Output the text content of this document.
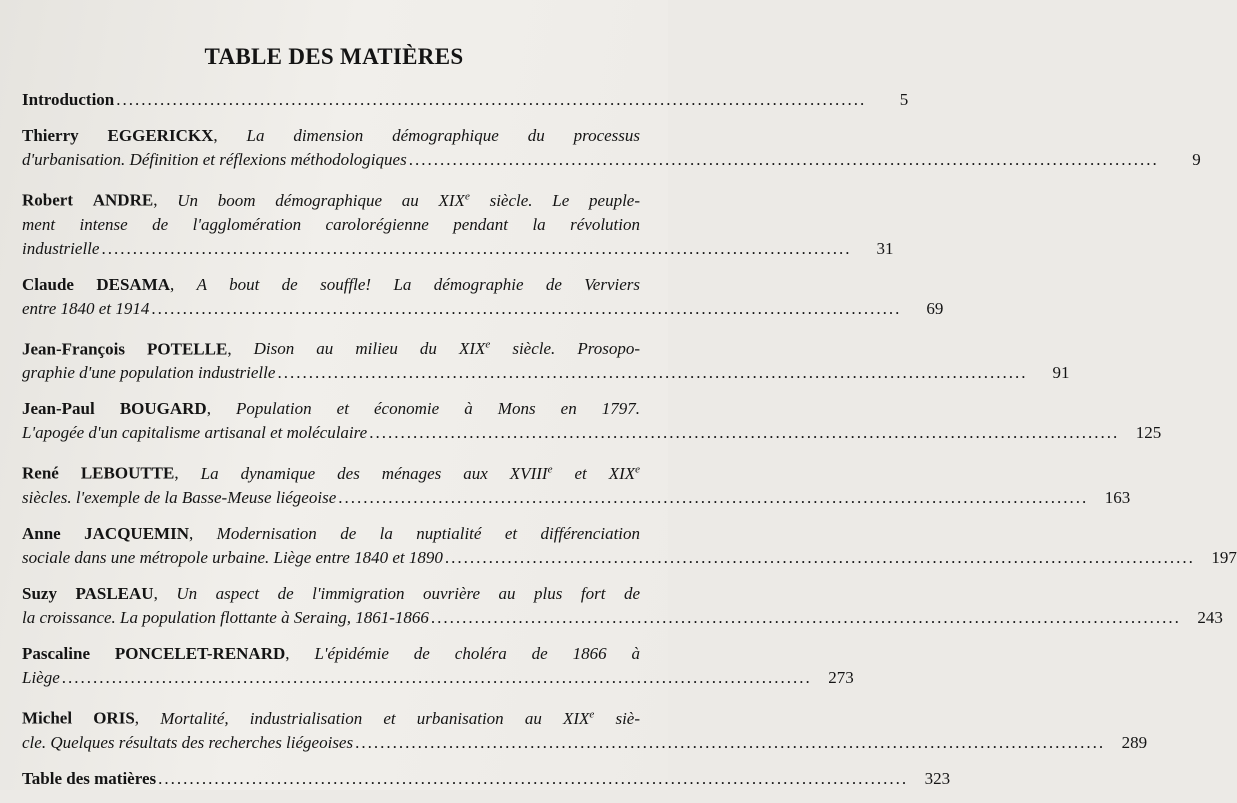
TABLE DES MATIÈRES
Introduction ........................................................................................................................	5
Thierry EGGERICKX, La dimension démographique du processus
d'urbanisation. Définition et réflexions méthodologiques ........................................................................................................................	9
Robert ANDRE, Un boom démographique au XIXe siècle. Le peuple-
ment intense de l'agglomération carolorégienne pendant la révolution
industrielle ........................................................................................................................	31
Claude DESAMA, A bout de souffle! La démographie de Verviers
entre 1840 et 1914 ........................................................................................................................	69
Jean-François POTELLE, Dison au milieu du XIXe siècle. Prosopo-
graphie d'une population industrielle ........................................................................................................................	91
Jean-Paul BOUGARD, Population et économie à Mons en 1797.
L'apogée d'un capitalisme artisanal et moléculaire ........................................................................................................................ 125
René LEBOUTTE, La dynamique des ménages aux XVIIIe et XIXe
siècles. l'exemple de la Basse-Meuse liégeoise ........................................................................................................................ 163
Anne JACQUEMIN, Modernisation de la nuptialité et différenciation
sociale dans une métropole urbaine. Liège entre 1840 et 1890 ........................................................................................................................ 197
Suzy PASLEAU, Un aspect de l'immigration ouvrière au plus fort de
la croissance. La population flottante à Seraing, 1861-1866 ........................................................................................................................ 243
Pascaline PONCELET-RENARD, L'épidémie de choléra de 1866 à
Liège ........................................................................................................................ 273
Michel ORIS, Mortalité, industrialisation et urbanisation au XIXe siè-
cle. Quelques résultats des recherches liégeoises ........................................................................................................................ 289
Table des matières ........................................................................................................................ 323
